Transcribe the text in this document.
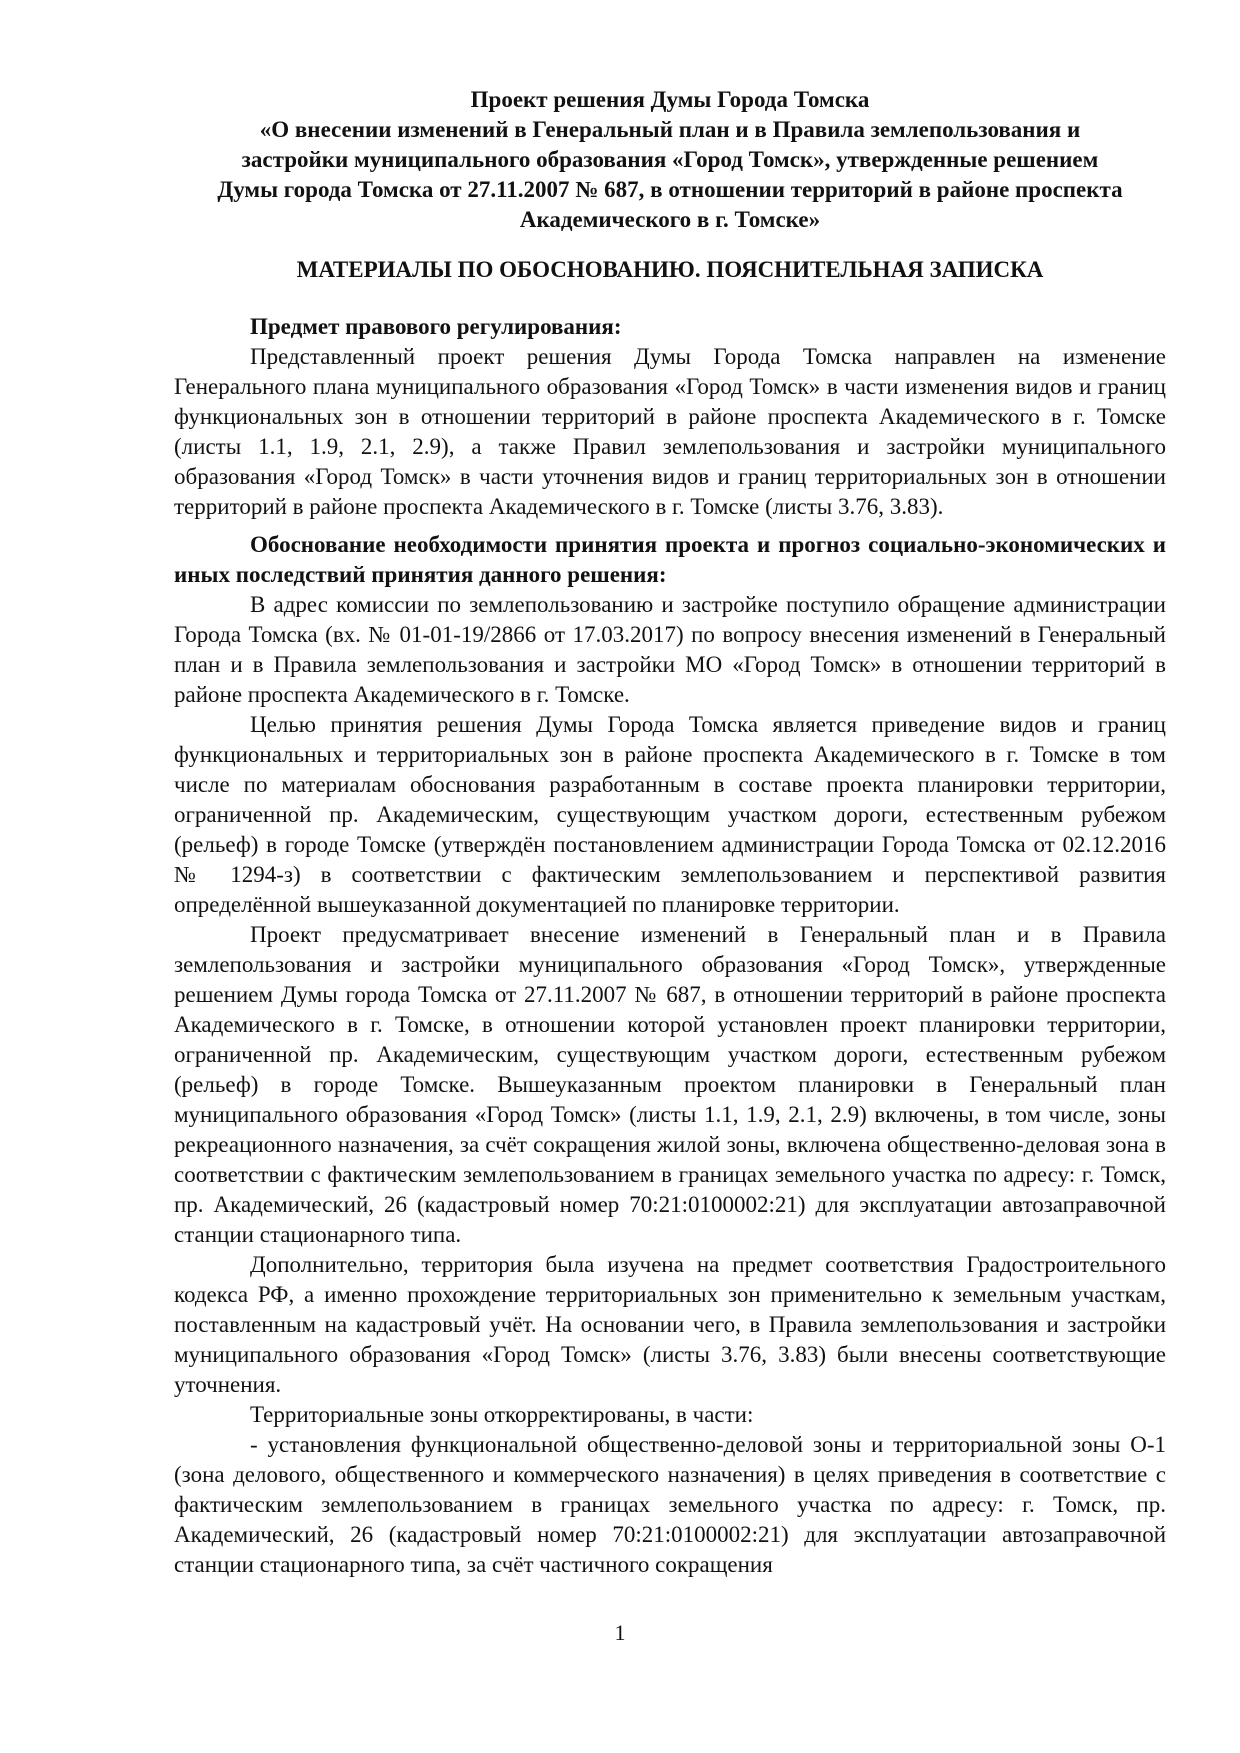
Проект решения Думы Города Томска
«О внесении изменений в Генеральный план и в Правила землепользования и
застройки муниципального образования «Город Томск», утвержденные решением
Думы города Томска от 27.11.2007 № 687, в отношении территорий в районе проспекта
Академического в г. Томске»
МАТЕРИАЛЫ ПО ОБОСНОВАНИЮ. ПОЯСНИТЕЛЬНАЯ ЗАПИСКА

Предмет правового регулирования:

Представленный проект решения Думы Города Томска направлен на изменение Генерального плана муниципального образования «Город Томск» в части изменения видов и границ функциональных зон в отношении территорий в районе проспекта Академического в г. Томске (листы 1.1, 1.9, 2.1, 2.9), а также Правил землепользования и застройки муниципального образования «Город Томск» в части уточнения видов и границ территориальных зон в отношении территорий в районе проспекта Академического в г. Томске (листы 3.76, 3.83).

Обоснование необходимости принятия проекта и прогноз социально-экономических и иных последствий принятия данного решения:

В адрес комиссии по землепользованию и застройке поступило обращение администрации Города Томска (вх. № 01-01-19/2866 от 17.03.2017) по вопросу внесения изменений в Генеральный план и в Правила землепользования и застройки МО «Город Томск» в отношении территорий в районе проспекта Академического в г. Томске.

Целью принятия решения Думы Города Томска является приведение видов и границ функциональных и территориальных зон в районе проспекта Академического в г. Томске в том числе по материалам обоснования разработанным в составе проекта планировки территории, ограниченной пр. Академическим, существующим участком дороги, естественным рубежом (рельеф) в городе Томске (утверждён постановлением администрации Города Томска от 02.12.2016 № 1294-з) в соответствии с фактическим землепользованием и перспективой развития определённой вышеуказанной документацией по планировке территории.

Проект предусматривает внесение изменений в Генеральный план и в Правила землепользования и застройки муниципального образования «Город Томск», утвержденные решением Думы города Томска от 27.11.2007 № 687, в отношении территорий в районе проспекта Академического в г. Томске, в отношении которой установлен проект планировки территории, ограниченной пр. Академическим, существующим участком дороги, естественным рубежом (рельеф) в городе Томске. Вышеуказанным проектом планировки в Генеральный план муниципального образования «Город Томск» (листы 1.1, 1.9, 2.1, 2.9) включены, в том числе, зоны рекреационного назначения, за счёт сокращения жилой зоны, включена общественно-деловая зона в соответствии с фактическим землепользованием в границах земельного участка по адресу: г. Томск, пр. Академический, 26 (кадастровый номер 70:21:0100002:21) для эксплуатации автозаправочной станции стационарного типа.

Дополнительно, территория была изучена на предмет соответствия Градостроительного кодекса РФ, а именно прохождение территориальных зон применительно к земельным участкам, поставленным на кадастровый учёт. На основании чего, в Правила землепользования и застройки муниципального образования «Город Томск» (листы 3.76, 3.83) были внесены соответствующие уточнения.

Территориальные зоны откорректированы, в части:

- установления функциональной общественно-деловой зоны и территориальной зоны О-1 (зона делового, общественного и коммерческого назначения) в целях приведения в соответствие с фактическим землепользованием в границах земельного участка по адресу: г. Томск, пр. Академический, 26 (кадастровый номер 70:21:0100002:21) для эксплуатации автозаправочной станции стационарного типа, за счёт частичного сокращения

1
